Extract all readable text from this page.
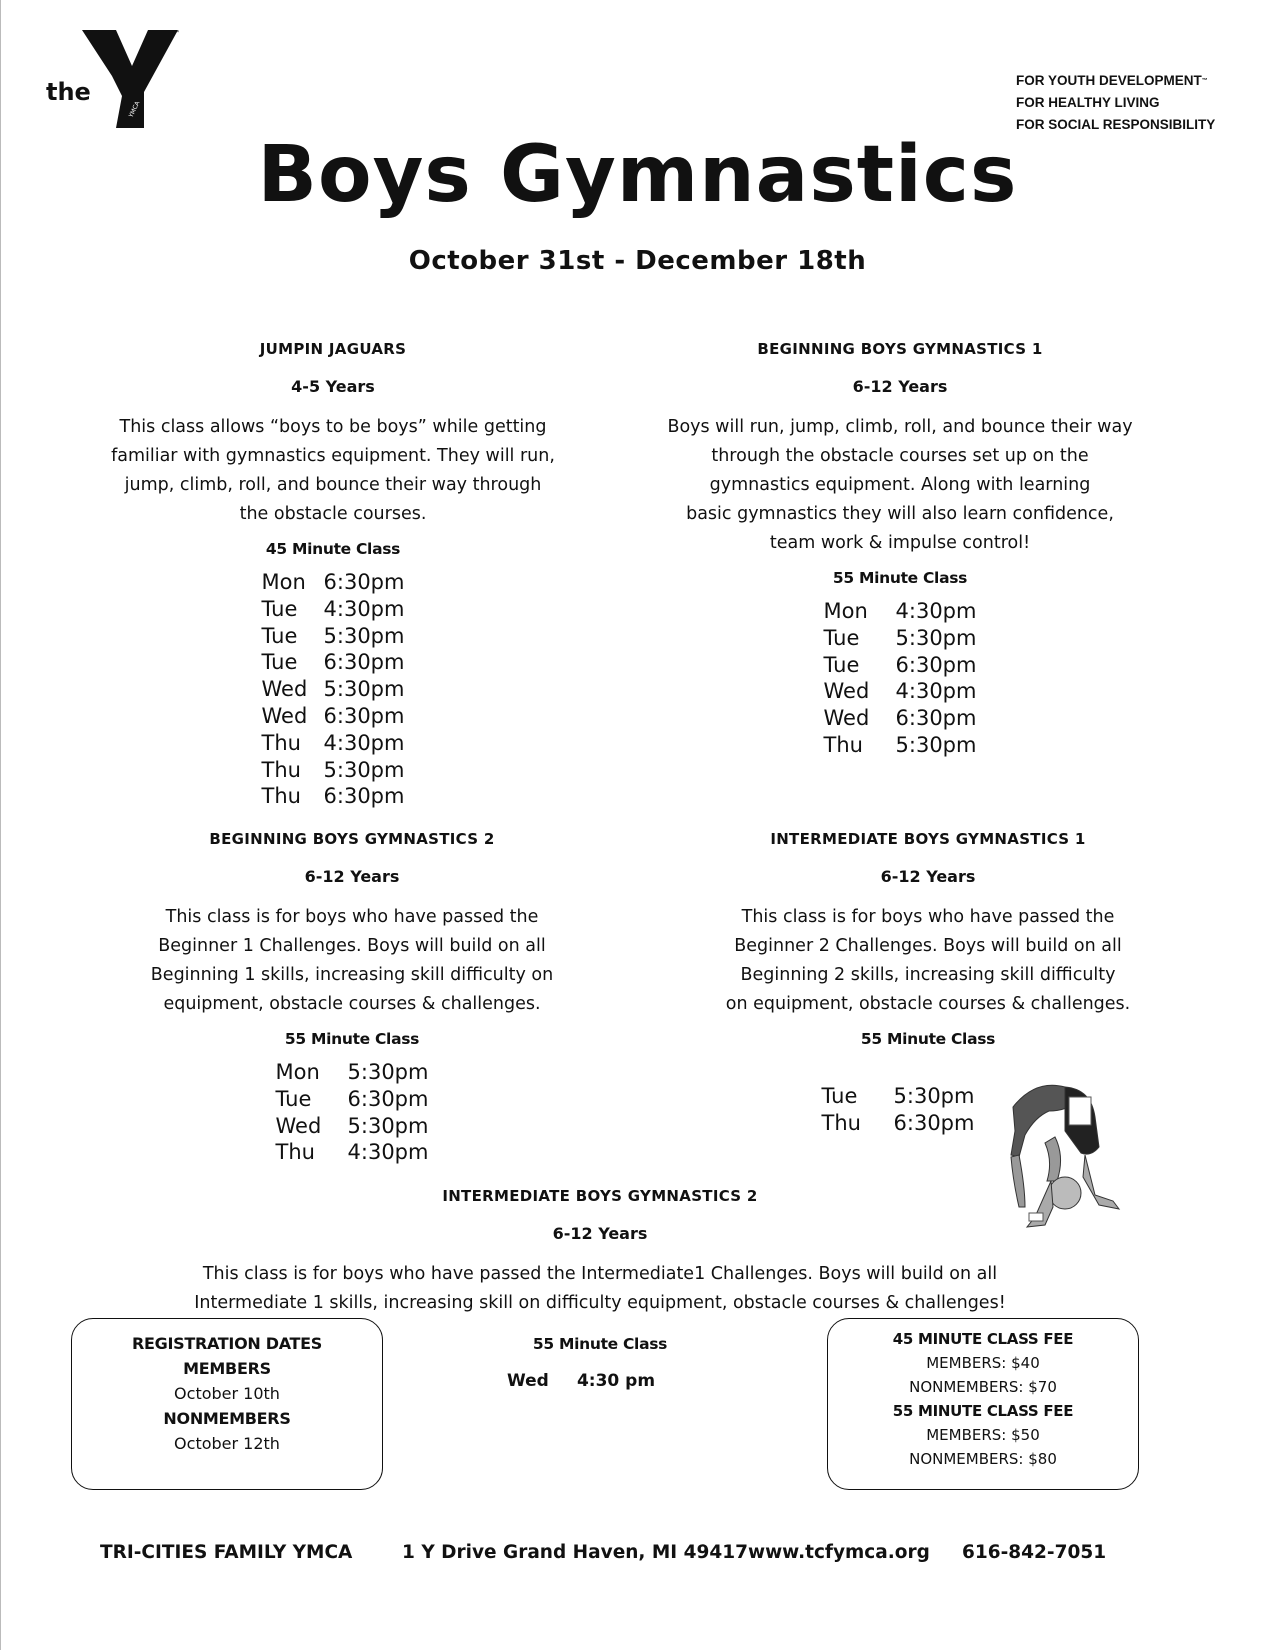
the
™
YMCA
FOR YOUTH DEVELOPMENT™
FOR HEALTHY LIVING
FOR SOCIAL RESPONSIBILITY
Boys Gymnastics
October 31st - December 18th
JUMPIN JAGUARS
4-5 Years
This class allows “boys to be boys” while getting
familiar with gymnastics equipment. They will run,
jump, climb, roll, and bounce their way through
the obstacle courses.
45 Minute Class
Mon 6:30pm
Tue 4:30pm
Tue 5:30pm
Tue 6:30pm
Wed 5:30pm
Wed 6:30pm
Thu 4:30pm
Thu 5:30pm
Thu 6:30pm
BEGINNING BOYS GYMNASTICS 1
6-12 Years
Boys will run, jump, climb, roll, and bounce their way
through the obstacle courses set up on the
gymnastics equipment. Along with learning
basic gymnastics they will also learn confidence,
team work & impulse control!
55 Minute Class
Mon 4:30pm
Tue 5:30pm
Tue 6:30pm
Wed 4:30pm
Wed 6:30pm
Thu 5:30pm
BEGINNING BOYS GYMNASTICS 2
6-12 Years
This class is for boys who have passed the
Beginner 1 Challenges. Boys will build on all
Beginning 1 skills, increasing skill difficulty on
equipment, obstacle courses & challenges.
55 Minute Class
Mon 5:30pm
Tue 6:30pm
Wed 5:30pm
Thu 4:30pm
INTERMEDIATE BOYS GYMNASTICS 1
6-12 Years
This class is for boys who have passed the
Beginner 2 Challenges. Boys will build on all
Beginning 2 skills, increasing skill difficulty
on equipment, obstacle courses & challenges.
55 Minute Class
Tue 5:30pm
Thu 6:30pm
INTERMEDIATE BOYS GYMNASTICS 2
6-12 Years
This class is for boys who have passed the Intermediate1 Challenges. Boys will build on all
Intermediate 1 skills, increasing skill on difficulty equipment, obstacle courses & challenges!
55 Minute Class
Wed 4:30 pm
REGISTRATION DATES
MEMBERS
October 10th
NONMEMBERS
October 12th
45 MINUTE CLASS FEE
MEMBERS: $40
NONMEMBERS: $70
55 MINUTE CLASS FEE
MEMBERS: $50
NONMEMBERS: $80
TRI-CITIES FAMILY YMCA	1 Y Drive Grand Haven, MI 49417 www.tcfymca.org 616-842-7051
